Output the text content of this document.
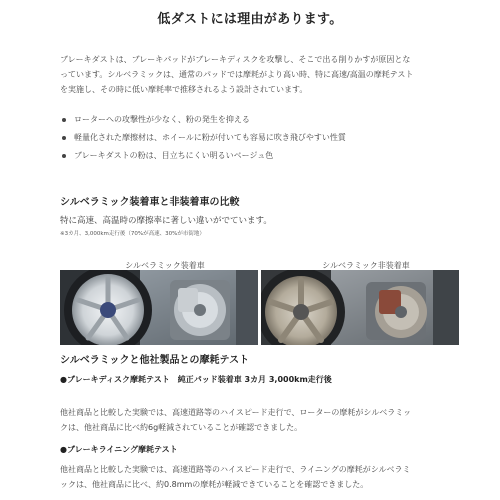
低ダストには理由があります。
ブレーキダストは、ブレーキパッドがブレーキディスクを攻撃し、そこで出る削りかすが原因とな
っています。シルベラミックは、通常のパッドでは摩耗がより高い時、特に高速/高温の摩耗テスト
を実施し、その時に低い摩耗率で推移されるよう設計されています。
ローターへの攻撃性が少なく、粉の発生を抑える
軽量化された摩擦材は、ホイールに粉が付いても容易に吹き飛びやすい性質
ブレーキダストの粉は、目立ちにくい明るいベージュ色
シルベラミック装着車と非装着車の比較
特に高速、高温時の摩擦率に著しい違いがでています。
※3カ月、3,000km走行後（70%が高速、30%が市街地）
シルベラミック装着車	シルベラミック非装着車
シルベラミックと他社製品との摩耗テスト
●ブレーキディスク摩耗テスト　純正パッド装着車 3カ月 3,000km走行後
他社商品と比較した実験では、高速道路等のハイスピード走行で、ローターの摩耗がシルベラミッ
クは、他社商品に比べ約6g軽減されていることが確認できました。
●ブレーキライニング摩耗テスト
他社商品と比較した実験では、高速道路等のハイスピード走行で、ライニングの摩耗がシルベラミ
ックは、他社商品に比べ、約0.8mmの摩耗が軽減できていることを確認できました。
